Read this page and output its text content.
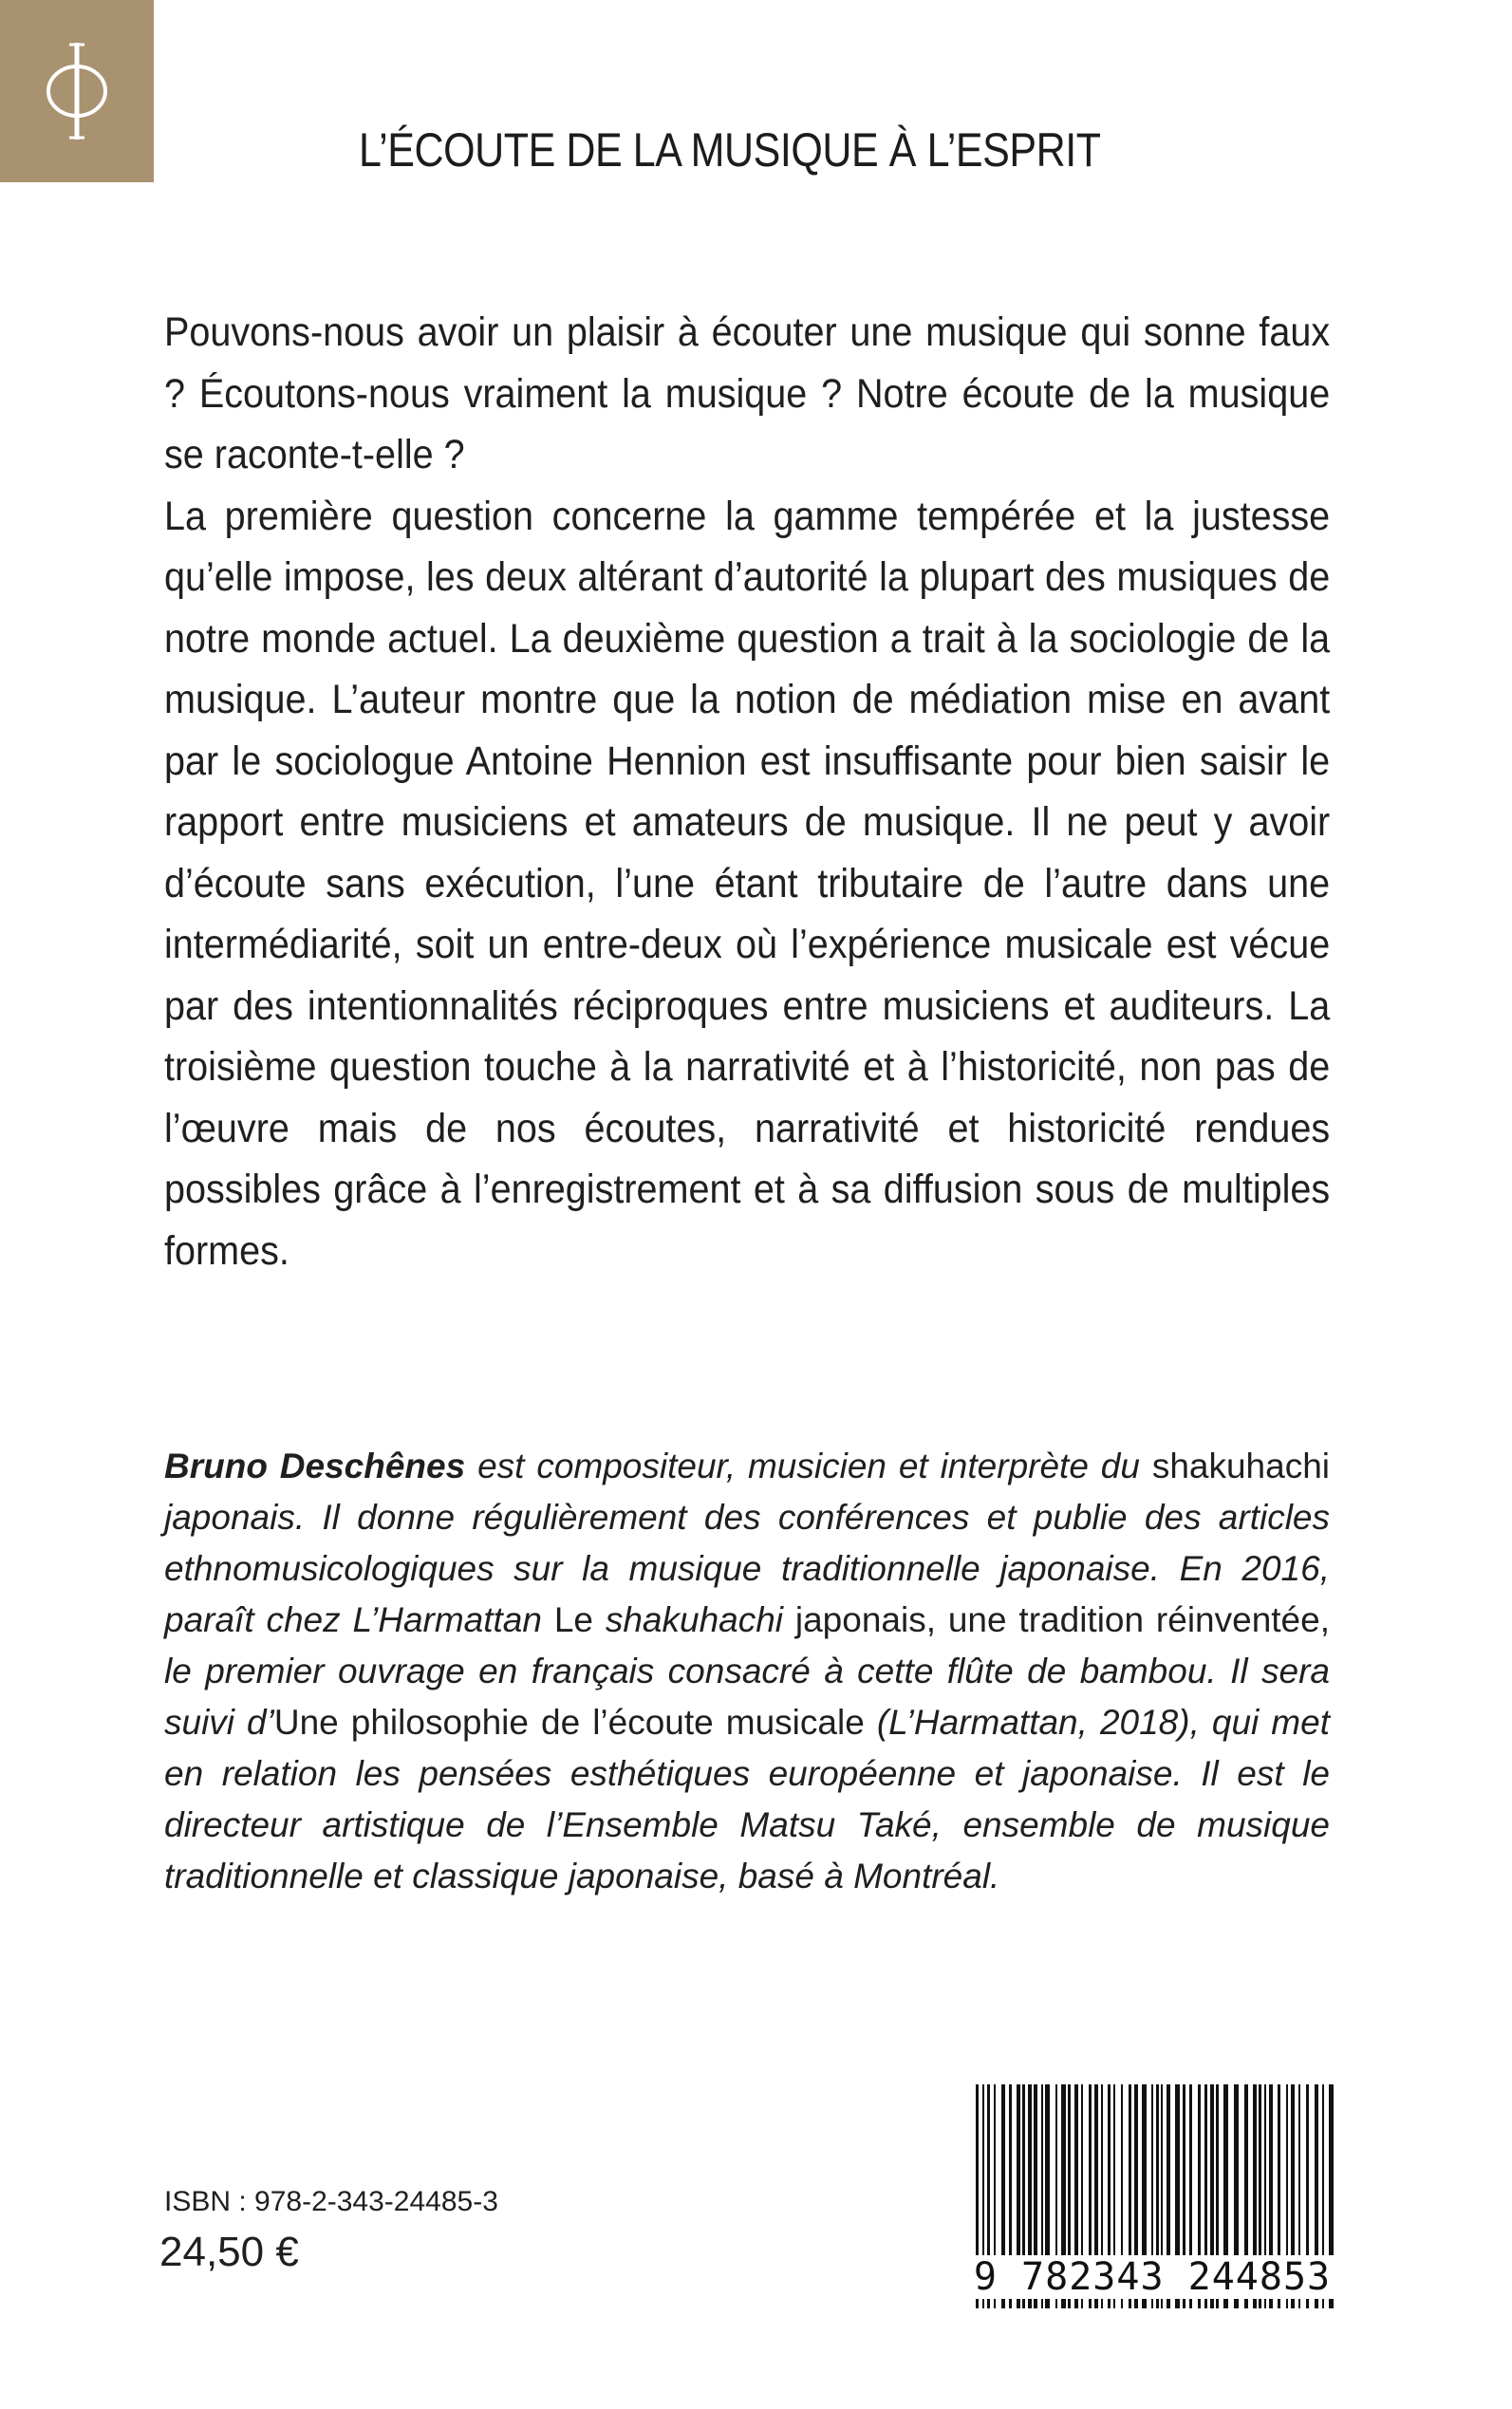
L’ÉCOUTE DE LA MUSIQUE À L’ESPRIT

Pouvons-nous avoir un plaisir à écouter une musique qui sonne faux ? Écoutons-nous vraiment la musique ? Notre écoute de la musique se raconte-t-elle ?

La première question concerne la gamme tempérée et la justesse qu’elle impose, les deux altérant d’autorité la plupart des musiques de notre monde actuel. La deuxième question a trait à la sociologie de la musique. L’auteur montre que la notion de médiation mise en avant par le sociologue Antoine Hennion est insuffisante pour bien saisir le rapport entre musiciens et amateurs de musique. Il ne peut y avoir d’écoute sans exécution, l’une étant tributaire de l’autre dans une intermédiarité, soit un entre-deux où l’expérience musicale est vécue par des intentionnalités réciproques entre musiciens et auditeurs. La troisième question touche à la narrativité et à l’historicité, non pas de l’œuvre mais de nos écoutes, narrativité et historicité rendues possibles grâce à l’enregistrement et à sa diffusion sous de multiples formes.

Bruno Deschênes est compositeur, musicien et interprète du shakuhachi japonais. Il donne régulièrement des conférences et publie des articles ethnomusicologiques sur la musique traditionnelle japonaise. En 2016, paraît chez L’Harmattan Le shakuhachi japonais, une tradition réinventée, le premier ouvrage en français consacré à cette flûte de bambou. Il sera suivi d’Une philosophie de l’écoute musicale (L’Harmattan, 2018), qui met en relation les pensées esthétiques européenne et japonaise. Il est le directeur artistique de l’Ensemble Matsu Také, ensemble de musique traditionnelle et classique japonaise, basé à Montréal.
ISBN : 978-2-343-24485-3
24,50 €
9 782343 244853
